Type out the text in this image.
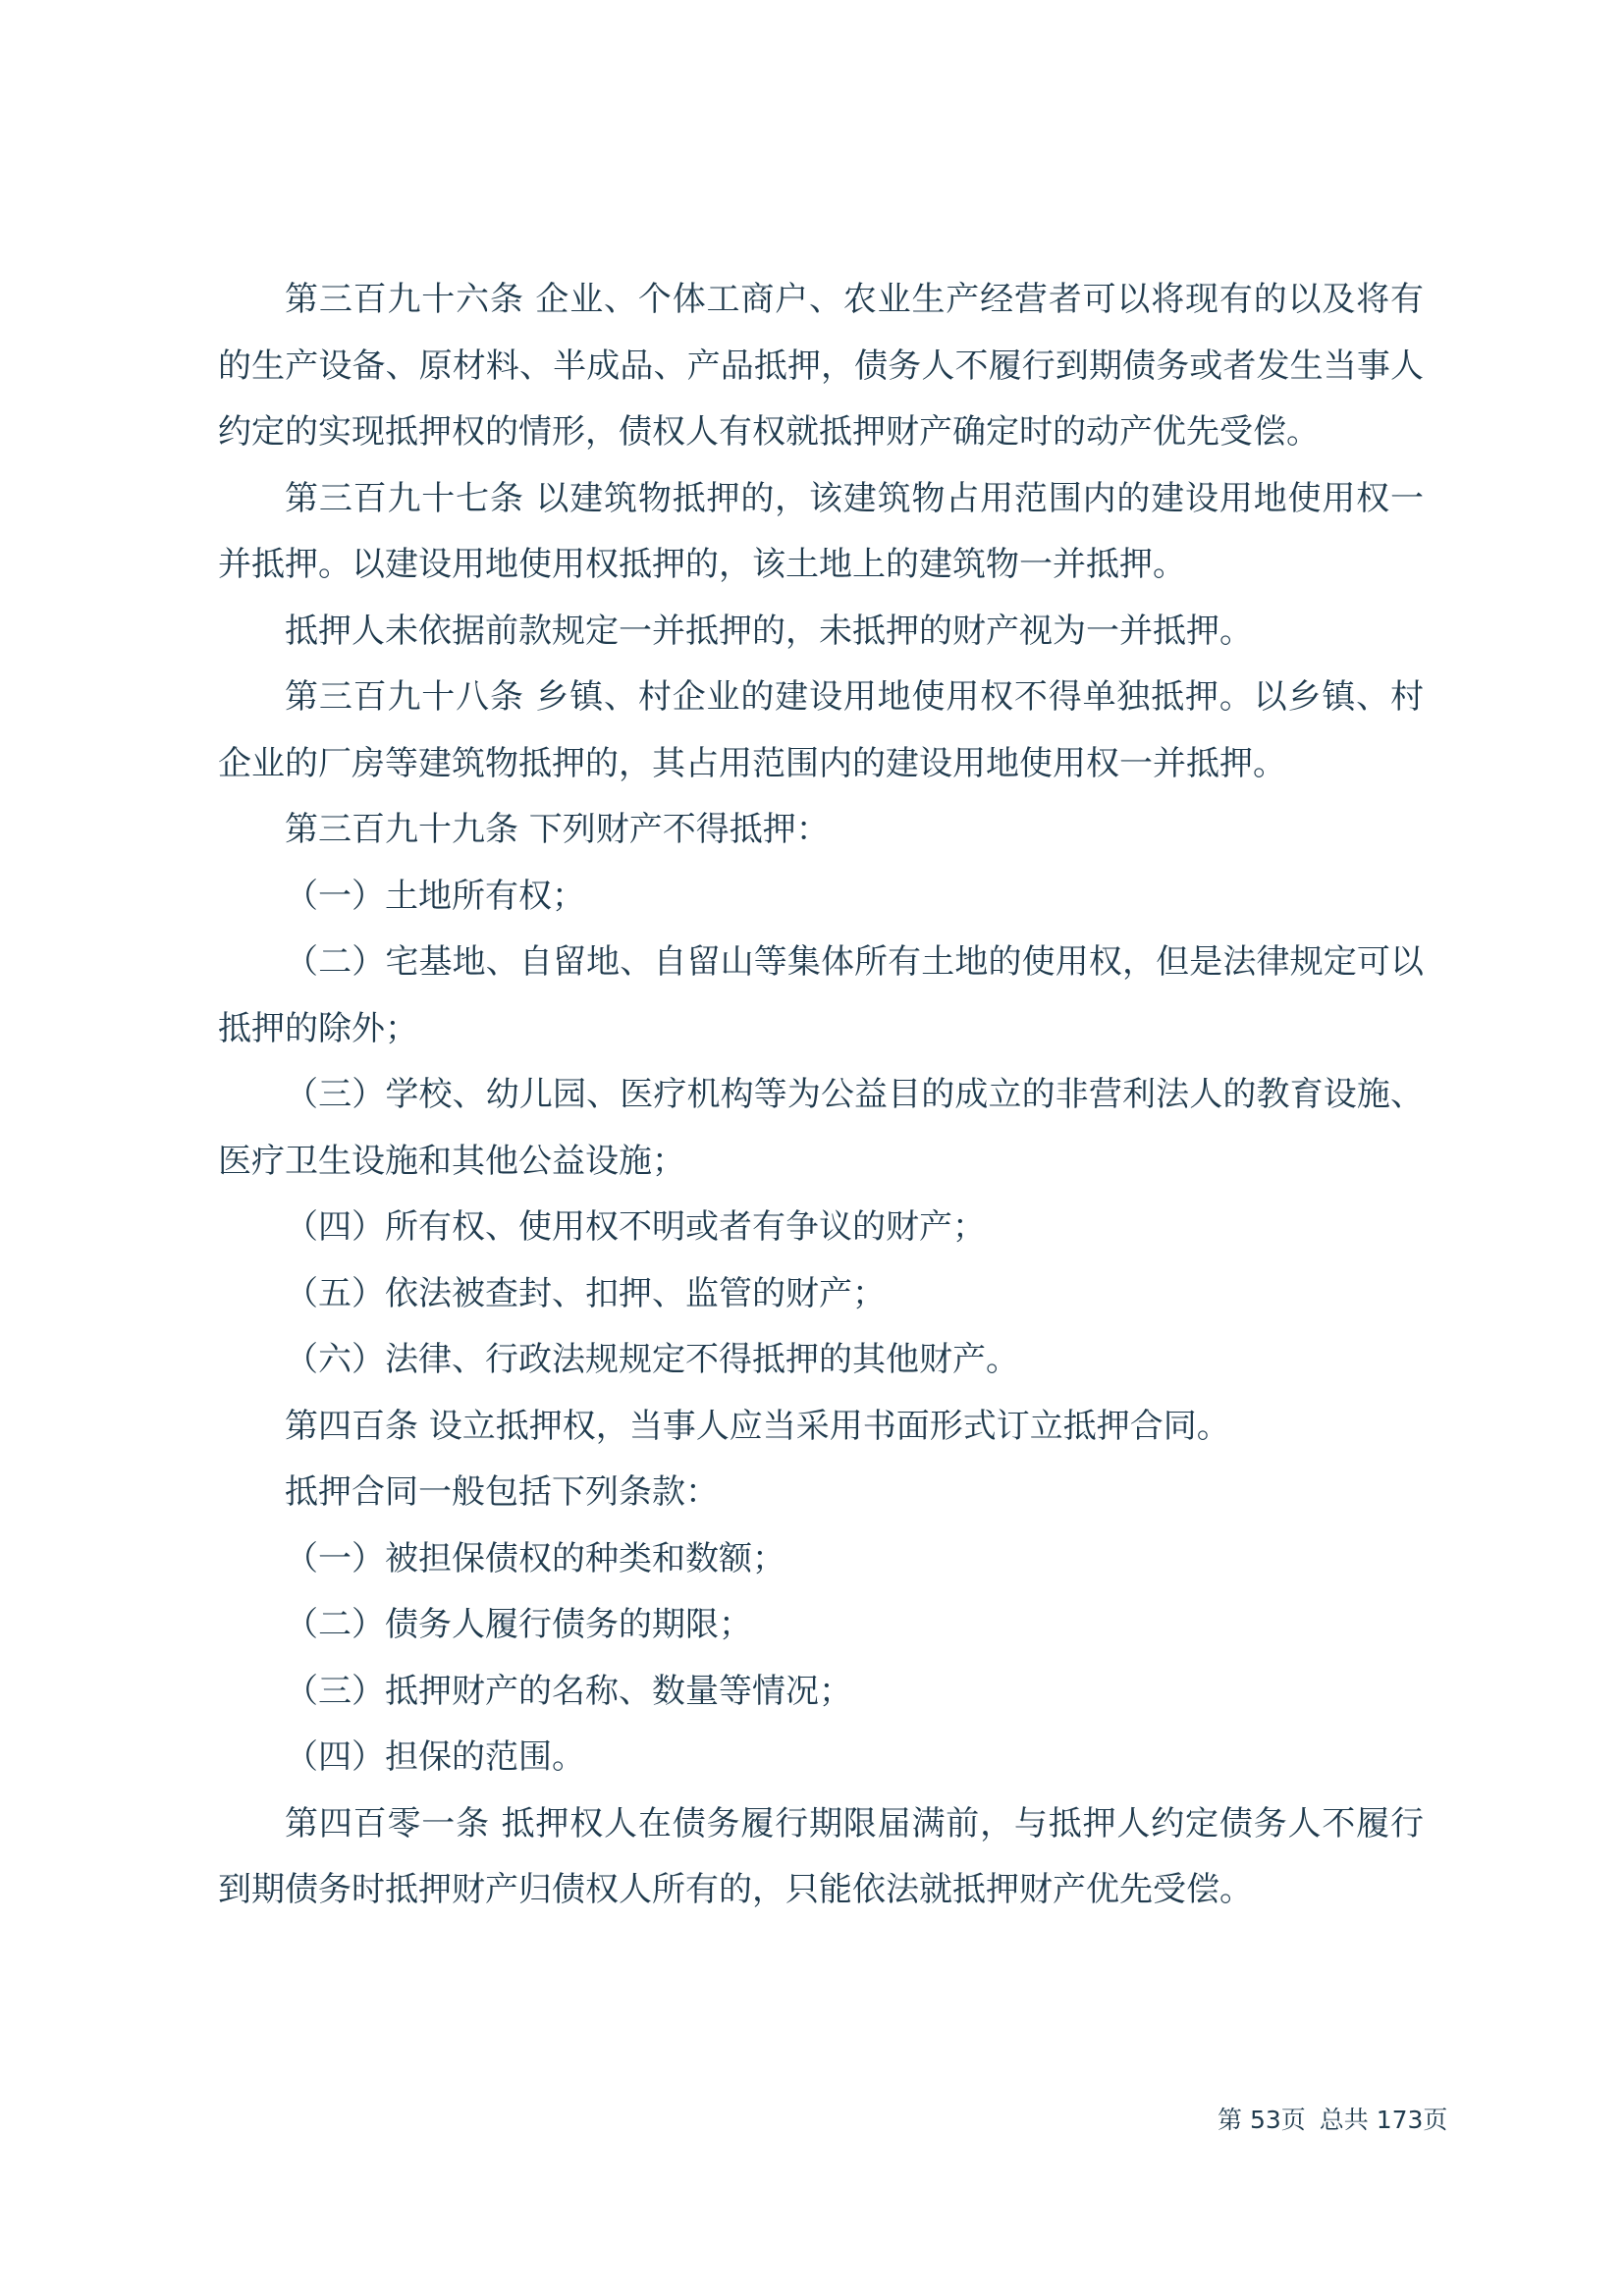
第三百九十六条 企业、个体工商户、农业生产经营者可以将现有的以及将有的生产设备、原材料、半成品、产品抵押，债务人不履行到期债务或者发生当事人约定的实现抵押权的情形，债权人有权就抵押财产确定时的动产优先受偿。

第三百九十七条 以建筑物抵押的，该建筑物占用范围内的建设用地使用权一并抵押。以建设用地使用权抵押的，该土地上的建筑物一并抵押。

抵押人未依据前款规定一并抵押的，未抵押的财产视为一并抵押。

第三百九十八条 乡镇、村企业的建设用地使用权不得单独抵押。以乡镇、村企业的厂房等建筑物抵押的，其占用范围内的建设用地使用权一并抵押。

第三百九十九条 下列财产不得抵押：

（一）土地所有权；

（二）宅基地、自留地、自留山等集体所有土地的使用权，但是法律规定可以抵押的除外；

（三）学校、幼儿园、医疗机构等为公益目的成立的非营利法人的教育设施、医疗卫生设施和其他公益设施；

（四）所有权、使用权不明或者有争议的财产；

（五）依法被查封、扣押、监管的财产；

（六）法律、行政法规规定不得抵押的其他财产。

第四百条 设立抵押权，当事人应当采用书面形式订立抵押合同。

抵押合同一般包括下列条款：

（一）被担保债权的种类和数额；

（二）债务人履行债务的期限；

（三）抵押财产的名称、数量等情况；

（四）担保的范围。

第四百零一条 抵押权人在债务履行期限届满前，与抵押人约定债务人不履行到期债务时抵押财产归债权人所有的，只能依法就抵押财产优先受偿。

第 53页 总共 173页
